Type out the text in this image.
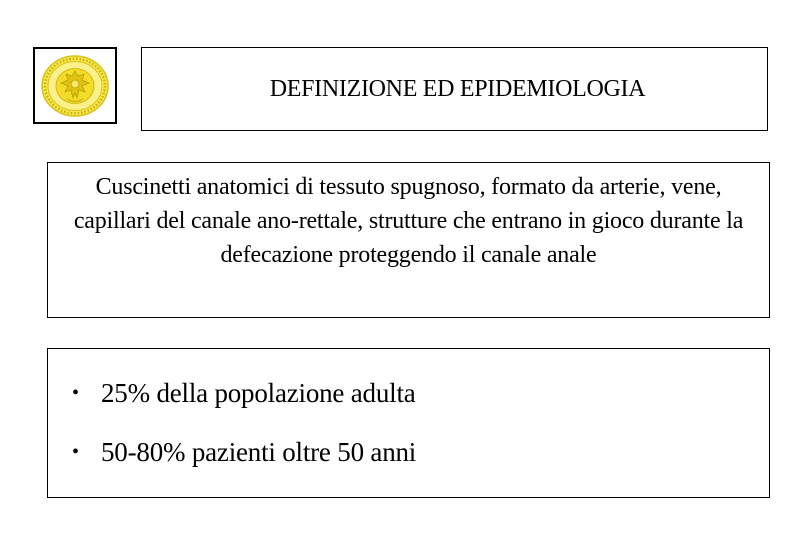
DEFINIZIONE ED EPIDEMIOLOGIA
Cuscinetti anatomici di tessuto spugnoso, formato da arterie, vene, capillari del canale ano-rettale, strutture che entrano in gioco durante la defecazione proteggendo il canale anale
• 25% della popolazione adulta
• 50-80% pazienti oltre 50 anni
